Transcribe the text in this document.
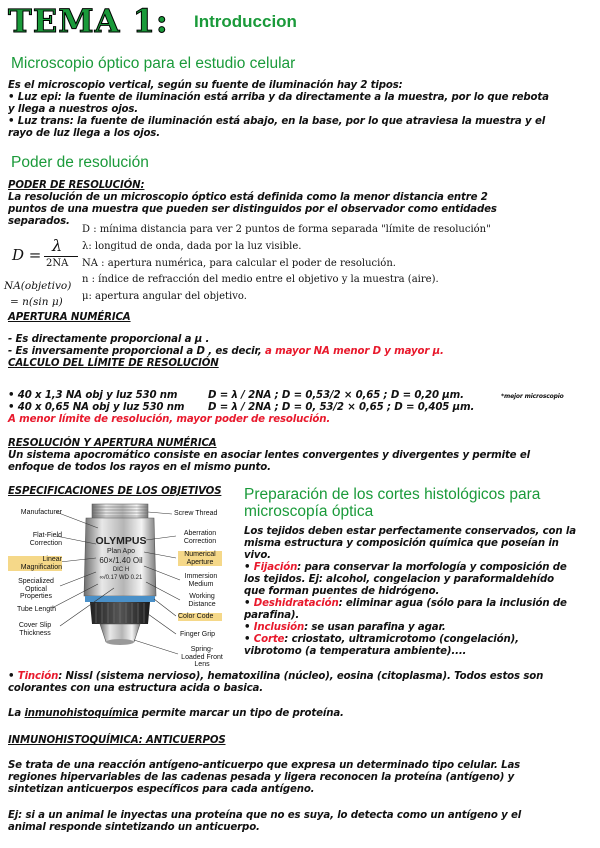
TEMA 1: Introduccion
Microscopio óptico para el estudio celular

Es el microscopio vertical, según su fuente de iluminación hay 2 tipos:

• Luz epi: la fuente de iluminación está arriba y da directamente a la muestra, por lo que rebota

y llega a nuestros ojos.

• Luz trans: la fuente de iluminación está abajo, en la base, por lo que atraviesa la muestra y el

rayo de luz llega a los ojos.

Poder de resolución

PODER DE RESOLUCIÓN:

La resolución de un microscopio óptico está definida como la menor distancia entre 2

puntos de una muestra que pueden ser distinguidos por el observador como entidades

separados.

D = λ
2NA

NA(objetivo)

= n(sin μ)

D : mínima distancia para ver 2 puntos de forma separada "límite de resolución"

λ: longitud de onda, dada por la luz visible.

NA : apertura numérica, para calcular el poder de resolución.

n : índice de refracción del medio entre el objetivo y la muestra (aire).

μ: apertura angular del objetivo.

APERTURA NUMÉRICA

- Es directamente proporcional a μ .

- Es inversamente proporcional a D , es decir, a mayor NA menor D y mayor μ.

CALCULO DEL LÍMITE DE RESOLUCIÓN

• 40 x 1,3 NA obj y luz 530 nm	D = λ / 2NA ; D = 0,53/2 × 0,65 ; D = 0,20 μm.	*mejor microscopio
• 40 x 0,65 NA obj y luz 530 nm D = λ / 2NA ; D = 0, 53/2 × 0,65 ; D = 0,405 μm.
A menor límite de resolución, mayor poder de resolución.

RESOLUCIÓN Y APERTURA NUMÉRICA

Un sistema apocromático consiste en asociar lentes convergentes y divergentes y permite el

enfoque de todos los rayos en el mismo punto.

ESPECIFICACIONES DE LOS OBJETIVOS
OLYMPUS
Plan Apo
60×/1.40 Oil
DIC H
∞/0.17 WD 0.21
Manufacturer
Flat-Field Correction
Linear Magnification
Specialized Optical Properties
Tube Length
Cover Slip Thickness
Screw Thread
Aberration Correction
Numerical Aperture
Immersion Medium
Working Distance
Color Code
Finger Grip
Spring-Loaded Front Lens
Preparación de los cortes histológicos para microscopía óptica

Los tejidos deben estar perfectamente conservados, con la

misma estructura y composición química que poseían in

vivo.

• Fijación: para conservar la morfología y composición de

los tejidos. Ej: alcohol, congelacion y paraformaldehído

que forman puentes de hidrógeno.

• Deshidratación: eliminar agua (sólo para la inclusión de

parafina).

• Inclusión: se usan parafina y agar.

• Corte: criostato, ultramicrotomo (congelación),

vibrotomo (a temperatura ambiente)....

• Tinción: Nissl (sistema nervioso), hematoxilina (núcleo), eosina (citoplasma). Todos estos son

colorantes con una estructura acida o basica.

La inmunohistoquímica permite marcar un tipo de proteína.

INMUNOHISTOQUÍMICA: ANTICUERPOS

Se trata de una reacción antígeno-anticuerpo que expresa un determinado tipo celular. Las

regiones hipervariables de las cadenas pesada y ligera reconocen la proteína (antígeno) y

sintetizan anticuerpos específicos para cada antígeno.

Ej: si a un animal le inyectas una proteína que no es suya, lo detecta como un antígeno y el

animal responde sintetizando un anticuerpo.
